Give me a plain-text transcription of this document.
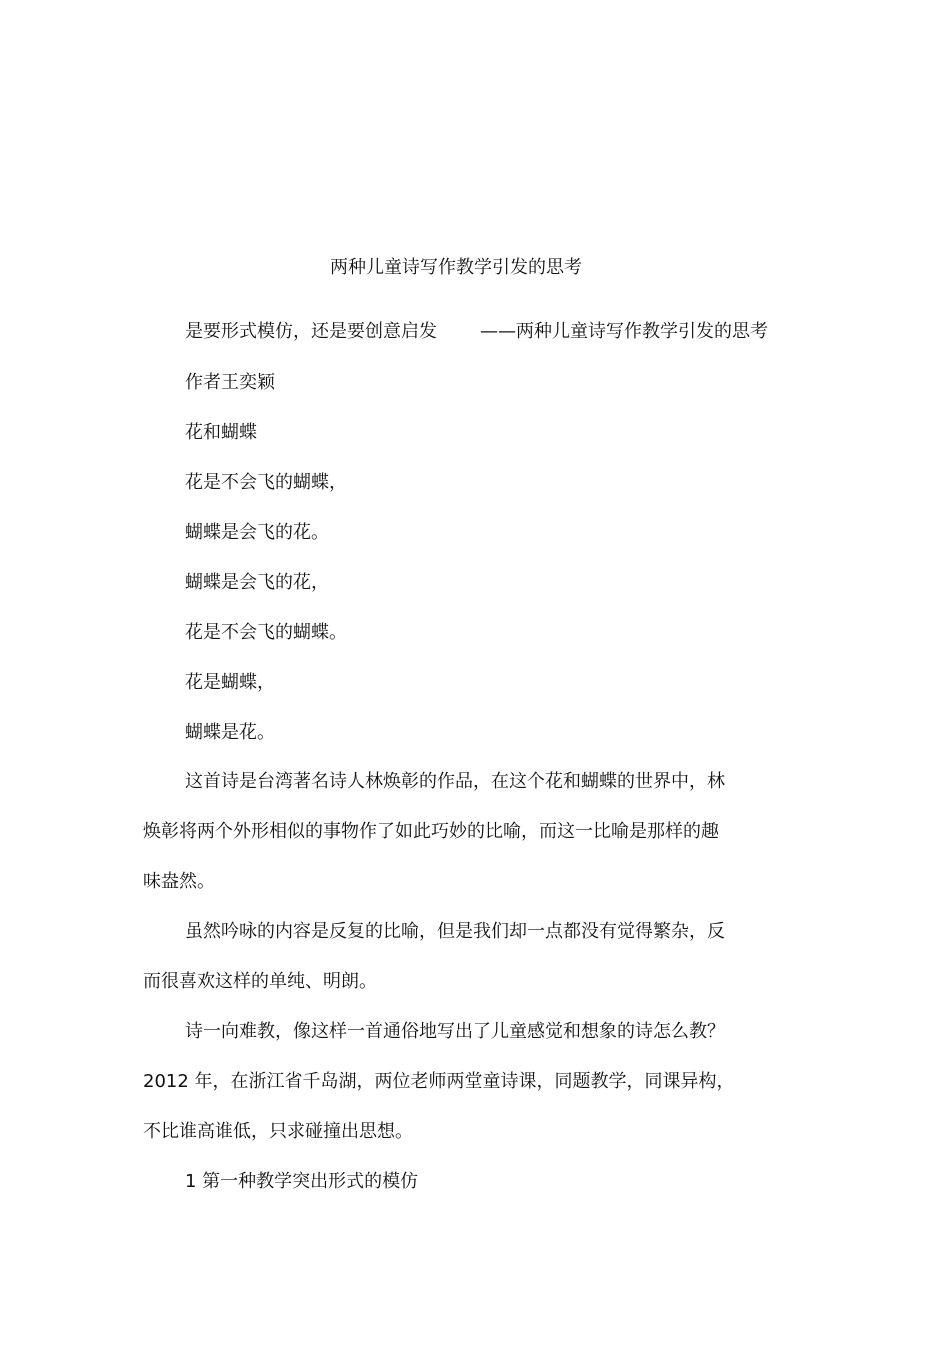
两种儿童诗写作教学引发的思考
是要形式模仿，还是要创意启发 ——两种儿童诗写作教学引发的思考
作者王奕颖
花和蝴蝶
花是不会飞的蝴蝶，
蝴蝶是会飞的花。
蝴蝶是会飞的花，
花是不会飞的蝴蝶。
花是蝴蝶，
蝴蝶是花。
这首诗是台湾著名诗人林焕彰的作品，在这个花和蝴蝶的世界中，林
焕彰将两个外形相似的事物作了如此巧妙的比喻，而这一比喻是那样的趣
味盎然。
虽然吟咏的内容是反复的比喻，但是我们却一点都没有觉得繁杂，反
而很喜欢这样的单纯、明朗。
诗一向难教，像这样一首通俗地写出了儿童感觉和想象的诗怎么教？
2012 年，在浙江省千岛湖，两位老师两堂童诗课，同题教学，同课异构，
不比谁高谁低，只求碰撞出思想。
1 第一种教学突出形式的模仿
